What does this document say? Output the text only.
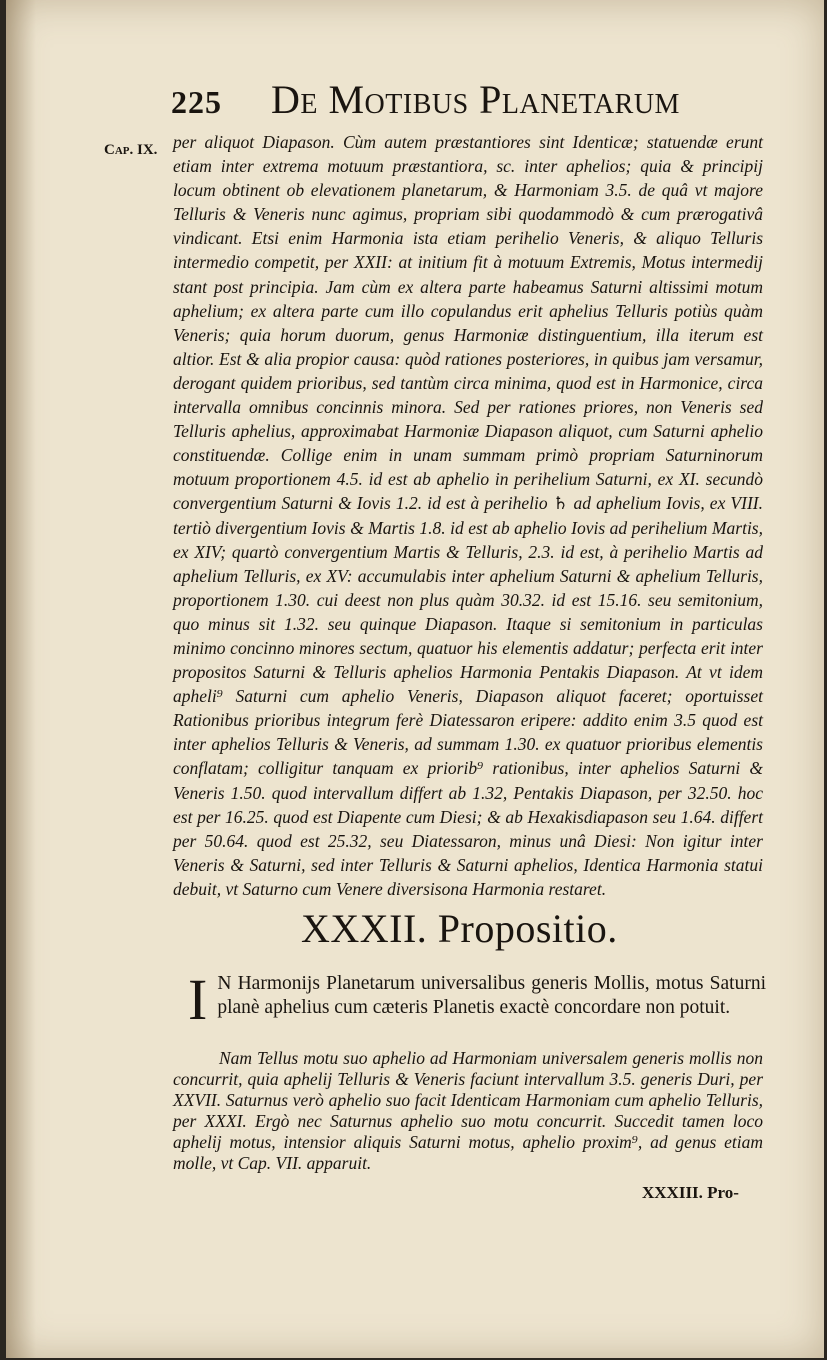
225 De Motibus Planetarum
Cap. IX. per aliquot Diapason. Cùm autem præstantiores sint Identicæ; statuendæ erunt etiam inter extrema motuum præstantiora, sc. inter aphelios; quia & principij locum obtinent ob elevationem planetarum, & Harmoniam 3.5. de quâ vt majore Telluris & Veneris nunc agimus, propriam sibi quodammodò & cum prærogativâ vindicant. Etsi enim Harmonia ista etiam perihelio Veneris, & aliquo Telluris intermedio competit, per XXII: at initium fit à motuum Extremis, Motus intermedij stant post principia. Jam cùm ex altera parte habeamus Saturni altissimi motum aphelium; ex altera parte cum illo copulandus erit aphelius Telluris potiùs quàm Veneris; quia horum duorum, genus Harmoniæ distinguentium, illa iterum est altior. Est & alia propior causa: quòd rationes posteriores, in quibus jam versamur, derogant quidem prioribus, sed tantùm circa minima, quod est in Harmonice, circa intervalla omnibus concinnis minora. Sed per rationes priores, non Veneris sed Telluris aphelius, approximabat Harmoniæ Diapason aliquot, cum Saturni aphelio constituendæ. Collige enim in unam summam primò propriam Saturninorum motuum proportionem 4.5. id est ab aphelio in perihelium Saturni, ex XI. secundò convergentium Saturni & Iovis 1.2. id est à perihelio ♄ ad aphelium Iovis, ex VIII. tertiò divergentium Iovis & Martis 1.8. id est ab aphelio Iovis ad perihelium Martis, ex XIV; quartò convergentium Martis & Telluris, 2.3. id est, à perihelio Martis ad aphelium Telluris, ex XV: accumulabis inter aphelium Saturni & aphelium Telluris, proportionem 1.30. cui deest non plus quàm 30.32. id est 15.16. seu semitonium, quo minus sit 1.32. seu quinque Diapason. Itaque si semitonium in particulas minimo concinno minores sectum, quatuor his elementis addatur; perfecta erit inter propositos Saturni & Telluris aphelios Harmonia Pentakis Diapason. At vt idem apheli⁹ Saturni cum aphelio Veneris, Diapason aliquot faceret; oportuisset Rationibus prioribus integrum ferè Diatessaron eripere: addito enim 3.5 quod est inter aphelios Telluris & Veneris, ad summam 1.30. ex quatuor prioribus elementis conflatam; colligitur tanquam ex priorib⁹ rationibus, inter aphelios Saturni & Veneris 1.50. quod intervallum differt ab 1.32, Pentakis Diapason, per 32.50. hoc est per 16.25. quod est Diapente cum Diesi; & ab Hexakisdiapason seu 1.64. differt per 50.64. quod est 25.32, seu Diatessaron, minus unâ Diesi: Non igitur inter Veneris & Saturni, sed inter Telluris & Saturni aphelios, Identica Harmonia statui debuit, vt Saturno cum Venere diversisona Harmonia restaret.
XXXII. Propositio.
I N Harmonijs Planetarum universalibus generis Mollis, motus Saturni planè aphelius cum cæteris Planetis exactè concordare non potuit.
Nam Tellus motu suo aphelio ad Harmoniam universalem generis mollis non concurrit, quia aphelij Telluris & Veneris faciunt intervallum 3.5. generis Duri, per XXVII. Saturnus verò aphelio suo facit Identicam Harmoniam cum aphelio Telluris, per XXXI. Ergò nec Saturnus aphelio suo motu concurrit. Succedit tamen loco aphelij motus, intensior aliquis Saturni motus, aphelio proxim⁹, ad genus etiam molle, vt Cap. VII. apparuit.
XXXIII. Pro-
